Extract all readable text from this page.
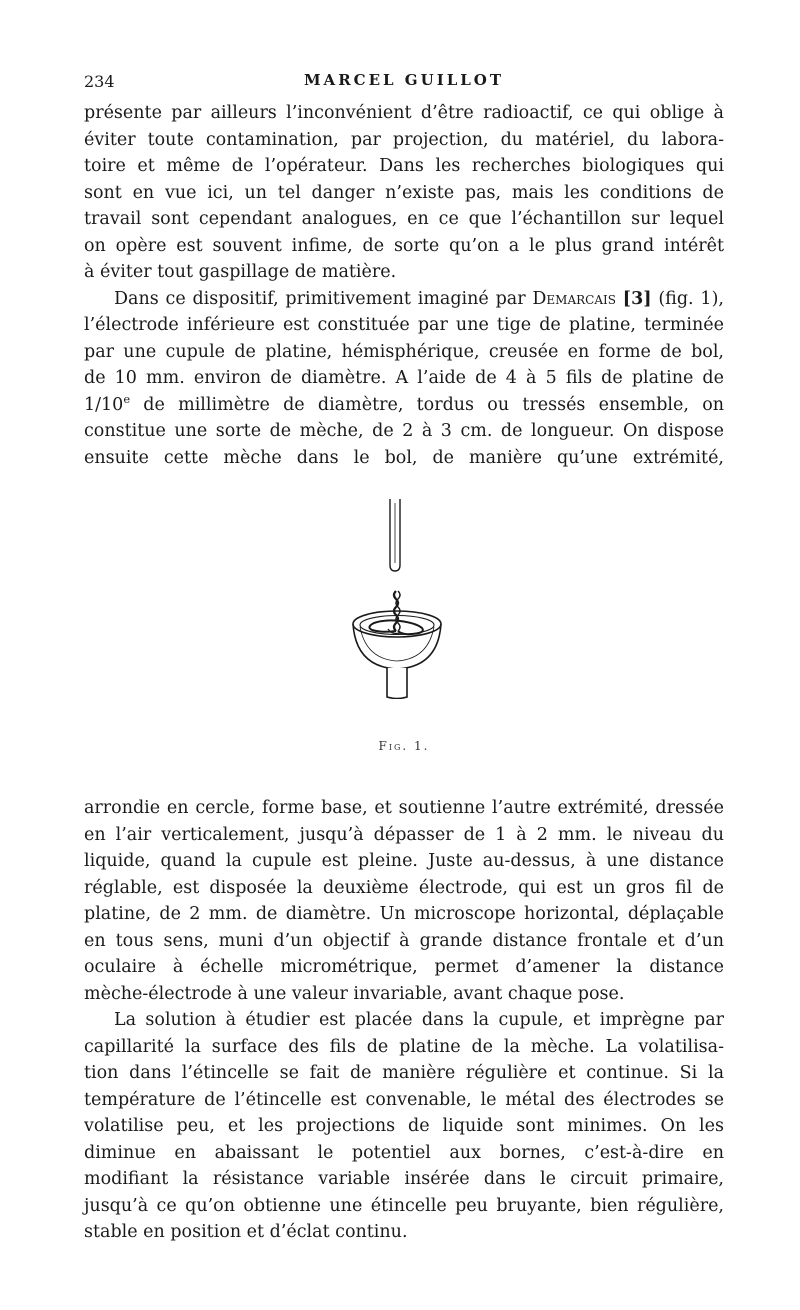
234	MARCEL GUILLOT

présente par ailleurs l’inconvénient d’être radioactif, ce qui oblige à

éviter toute contamination, par projection, du matériel, du labora-

toire et même de l’opérateur. Dans les recherches biologiques qui

sont en vue ici, un tel danger n’existe pas, mais les conditions de

travail sont cependant analogues, en ce que l’échantillon sur lequel

on opère est souvent infime, de sorte qu’on a le plus grand intérêt

à éviter tout gaspillage de matière.

Dans ce dispositif, primitivement imaginé par Demarcais [3] (fig. 1),

l’électrode inférieure est constituée par une tige de platine, terminée

par une cupule de platine, hémisphérique, creusée en forme de bol,

de 10 mm. environ de diamètre. A l’aide de 4 à 5 fils de platine de

1/10e de millimètre de diamètre, tordus ou tressés ensemble, on

constitue une sorte de mèche, de 2 à 3 cm. de longueur. On dispose

ensuite cette mèche dans le bol, de manière qu’une extrémité,

Fig. 1.

arrondie en cercle, forme base, et soutienne l’autre extrémité, dressée

en l’air verticalement, jusqu’à dépasser de 1 à 2 mm. le niveau du

liquide, quand la cupule est pleine. Juste au-dessus, à une distance

réglable, est disposée la deuxième électrode, qui est un gros fil de

platine, de 2 mm. de diamètre. Un microscope horizontal, déplaçable

en tous sens, muni d’un objectif à grande distance frontale et d’un

oculaire à échelle micrométrique, permet d’amener la distance

mèche-électrode à une valeur invariable, avant chaque pose.

La solution à étudier est placée dans la cupule, et imprègne par

capillarité la surface des fils de platine de la mèche. La volatilisa-

tion dans l’étincelle se fait de manière régulière et continue. Si la

température de l’étincelle est convenable, le métal des électrodes se

volatilise peu, et les projections de liquide sont minimes. On les

diminue en abaissant le potentiel aux bornes, c’est-à-dire en

modifiant la résistance variable insérée dans le circuit primaire,

jusqu’à ce qu’on obtienne une étincelle peu bruyante, bien régulière,

stable en position et d’éclat continu.
